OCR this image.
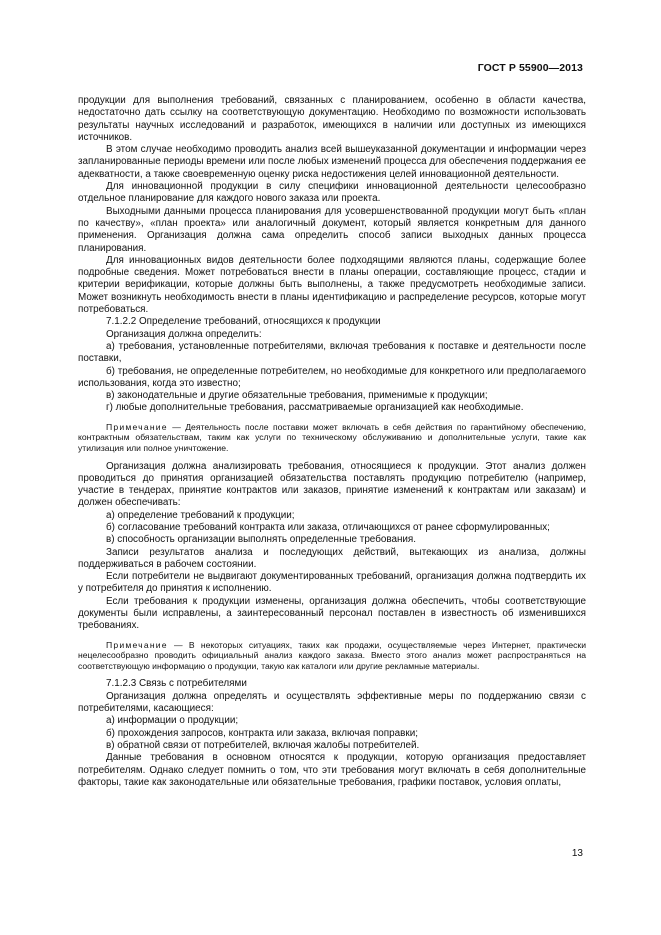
ГОСТ Р 55900—2013

продукции для выполнения требований, связанных с планированием, особенно в области качества, недостаточно дать ссылку на соответствующую документацию. Необходимо по возможности использовать результаты научных исследований и разработок, имеющихся в наличии или доступных из имеющихся источников.

В этом случае необходимо проводить анализ всей вышеуказанной документации и информации через запланированные периоды времени или после любых изменений процесса для обеспечения поддержания ее адекватности, а также своевременную оценку риска недостижения целей инновационной деятельности.

Для инновационной продукции в силу специфики инновационной деятельности целесообразно отдельное планирование для каждого нового заказа или проекта.

Выходными данными процесса планирования для усовершенствованной продукции могут быть «план по качеству», «план проекта» или аналогичный документ, который является конкретным для данного применения. Организация должна сама определить способ записи выходных данных процесса планирования.

Для инновационных видов деятельности более подходящими являются планы, содержащие более подробные сведения. Может потребоваться внести в планы операции, составляющие процесс, стадии и критерии верификации, которые должны быть выполнены, а также предусмотреть необходимые записи. Может возникнуть необходимость внести в планы идентификацию и распределение ресурсов, которые могут потребоваться.

7.1.2.2 Определение требований, относящихся к продукции

Организация должна определить:

а) требования, установленные потребителями, включая требования к поставке и деятельности после поставки,

б) требования, не определенные потребителем, но необходимые для конкретного или предполагаемого использования, когда это известно;

в) законодательные и другие обязательные требования, применимые к продукции;

г) любые дополнительные требования, рассматриваемые организацией как необходимые.

Примечание — Деятельность после поставки может включать в себя действия по гарантийному обеспечению, контрактным обязательствам, таким как услуги по техническому обслуживанию и дополнительные услуги, такие как утилизация или полное уничтожение.

Организация должна анализировать требования, относящиеся к продукции. Этот анализ должен проводиться до принятия организацией обязательства поставлять продукцию потребителю (например, участие в тендерах, принятие контрактов или заказов, принятие изменений к контрактам или заказам) и должен обеспечивать:

а) определение требований к продукции;

б) согласование требований контракта или заказа, отличающихся от ранее сформулированных;

в) способность организации выполнять определенные требования.

Записи результатов анализа и последующих действий, вытекающих из анализа, должны поддерживаться в рабочем состоянии.

Если потребители не выдвигают документированных требований, организация должна подтвердить их у потребителя до принятия к исполнению.

Если требования к продукции изменены, организация должна обеспечить, чтобы соответствующие документы были исправлены, а заинтересованный персонал поставлен в известность об изменившихся требованиях.

Примечание — В некоторых ситуациях, таких как продажи, осуществляемые через Интернет, практически нецелесообразно проводить официальный анализ каждого заказа. Вместо этого анализ может распространяться на соответствующую информацию о продукции, такую как каталоги или другие рекламные материалы.

7.1.2.3 Связь с потребителями

Организация должна определять и осуществлять эффективные меры по поддержанию связи с потребителями, касающиеся:

а) информации о продукции;

б) прохождения запросов, контракта или заказа, включая поправки;

в) обратной связи от потребителей, включая жалобы потребителей.

Данные требования в основном относятся к продукции, которую организация предоставляет потребителям. Однако следует помнить о том, что эти требования могут включать в себя дополнительные факторы, такие как законодательные или обязательные требования, графики поставок, условия оплаты,

13
